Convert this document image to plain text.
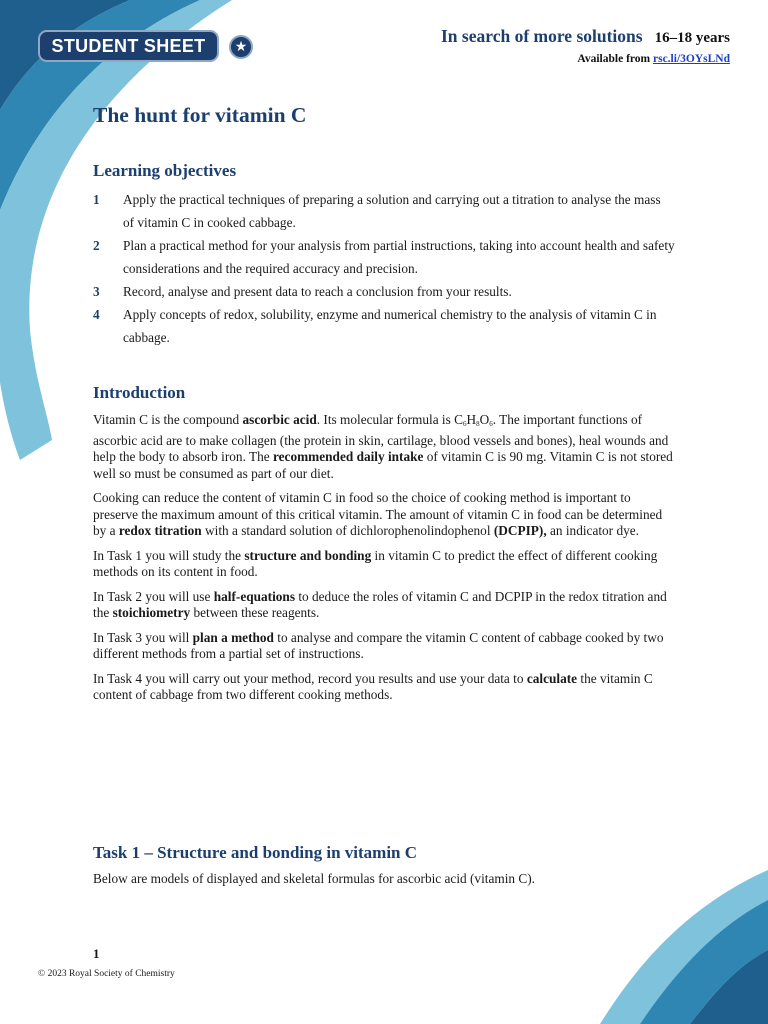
STUDENT SHEET	★
In search of more solutions 16–18 years
Available from rsc.li/3OYsLNd
The hunt for vitamin C
Learning objectives
1 Apply the practical techniques of preparing a solution and carrying out a titration to analyse the mass of vitamin C in cooked cabbage.
2 Plan a practical method for your analysis from partial instructions, taking into account health and safety considerations and the required accuracy and precision.
3 Record, analyse and present data to reach a conclusion from your results.
4 Apply concepts of redox, solubility, enzyme and numerical chemistry to the analysis of vitamin C in cabbage.
Introduction

Vitamin C is the compound ascorbic acid. Its molecular formula is $C_6H_8O_6$. The important functions of ascorbic acid are to make collagen (the protein in skin, cartilage, blood vessels and bones), heal wounds and help the body to absorb iron. The recommended daily intake of vitamin C is 90 mg. Vitamin C is not stored well so must be consumed as part of our diet.

Cooking can reduce the content of vitamin C in food so the choice of cooking method is important to preserve the maximum amount of this critical vitamin. The amount of vitamin C in food can be determined by a redox titration with a standard solution of dichlorophenolindophenol (DCPIP), an indicator dye.

In Task 1 you will study the structure and bonding in vitamin C to predict the effect of different cooking methods on its content in food.

In Task 2 you will use half-equations to deduce the roles of vitamin C and DCPIP in the redox titration and the stoichiometry between these reagents.

In Task 3 you will plan a method to analyse and compare the vitamin C content of cabbage cooked by two different methods from a partial set of instructions.

In Task 4 you will carry out your method, record you results and use your data to calculate the vitamin C content of cabbage from two different cooking methods.

Task 1 – Structure and bonding in vitamin C

Below are models of displayed and skeletal formulas for ascorbic acid (vitamin C).

1
© 2023 Royal Society of Chemistry
